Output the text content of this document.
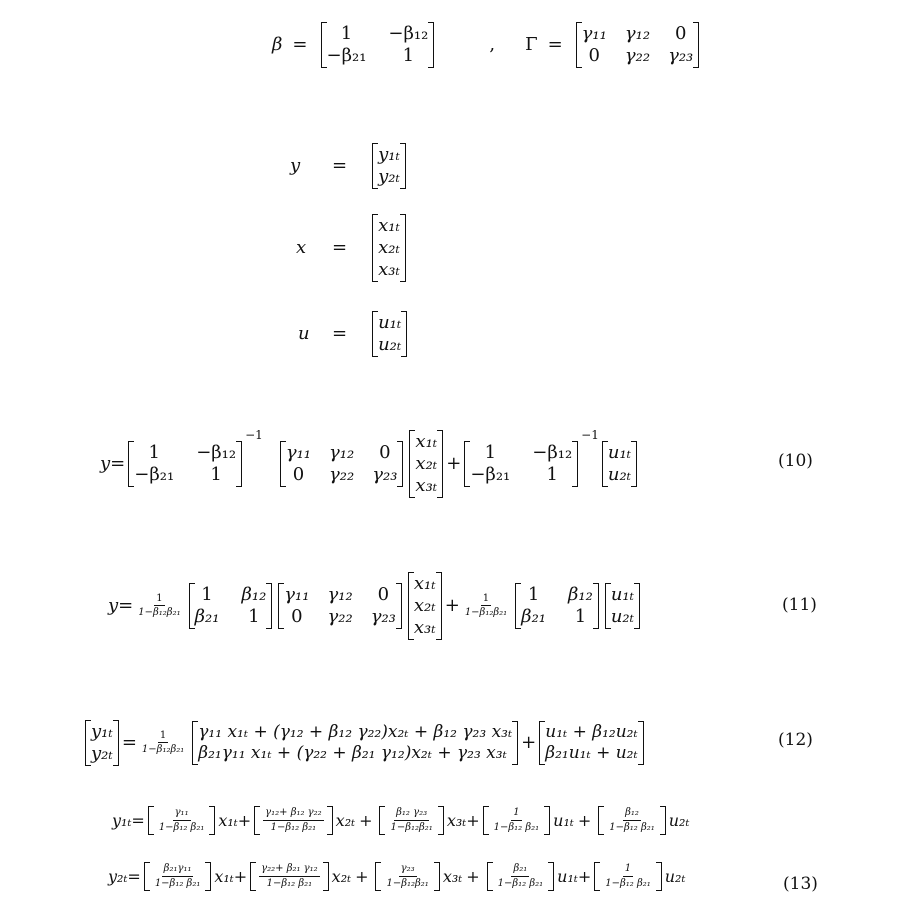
β =
1	−β₁₂
−β₂₁	1	, Γ =
γ₁₁ γ₁₂	0
0	γ₂₂ γ₂₃
y	=
y₁ₜ
y₂ₜ
x =
x₁ₜ
x₂ₜ
x₃ₜ
u =
u₁ₜ
u₂ₜ
y=
1	−β₁₂
−β₂₁	1
−1
γ₁₁ γ₁₂	0
0	γ₂₂ γ₂₃
x₁ₜ
x₂ₜ
x₃ₜ
+
1	−β₁₂
−β₂₁	1
−1
u₁ₜ
u₂ₜ
(10)
$y= \frac{1}{\text{1−β₁₂β₂₁}}$	1	β₁₂
β₂₁	1
γ₁₁ γ₁₂	0
0	γ₂₂ γ₂₃
x₁ₜ
x₂ₜ
x₃ₜ
+ $\frac{1}{\text{1−β₁₂β₂₁}}$	1	β₁₂
β₂₁	1
u₁ₜ
u₂ₜ
(11)
y₁ₜ
$y_{2t} = \frac{1}{\text{1−β₁₂β₂₁}} \gamma_{11}$ x₁ₜ + (γ₁₂ + β₁₂ γ₂₂)x₂ₜ + β₁₂ γ₂₃ x₃ₜ
β₂₁γ₁₁ x₁ₜ + (γ₂₂ + β₂₁ γ₁₂)x₂ₜ + γ₂₃ x₃ₜ +
u₁ₜ + β₁₂u₂ₜ
β₂₁u₁ₜ + u₂ₜ
(12)
$y_{1t}= \frac{\text{γ₁₁}}{\text{1−β₁₂ β₂₁}} x_{1t} + \frac{\text{γ₁₂+ β₁₂ γ₂₂}}{\text{1−β₁₂ β₂₁}} x_{2t} + \frac{\text{β₁₂ γ₂₃}}{\text{1−β₁₂β₂₁}} x_{3t} + \frac{1}{\text{1−β₁₂ β₂₁}} u_{1t} + \frac{\text{β₁₂}}{\text{1−β₁₂ β₂₁}} u_{2t}$
$y_{2t}= \frac{\text{β₂₁γ₁₁}}{\text{1−β₁₂ β₂₁}} x_{1t} + \frac{\text{γ₂₂+ β₂₁ γ₁₂}}{\text{1−β₁₂ β₂₁}} x_{2t} + \frac{\text{γ₂₃}}{\text{1−β₁₂β₂₁}} x_{3t} + \frac{\text{β₂₁}}{\text{1−β₁₂ β₂₁}} u_{1t} + \frac{1}{\text{1−β₁₂ β₂₁}} u_{2t}$	(13)
